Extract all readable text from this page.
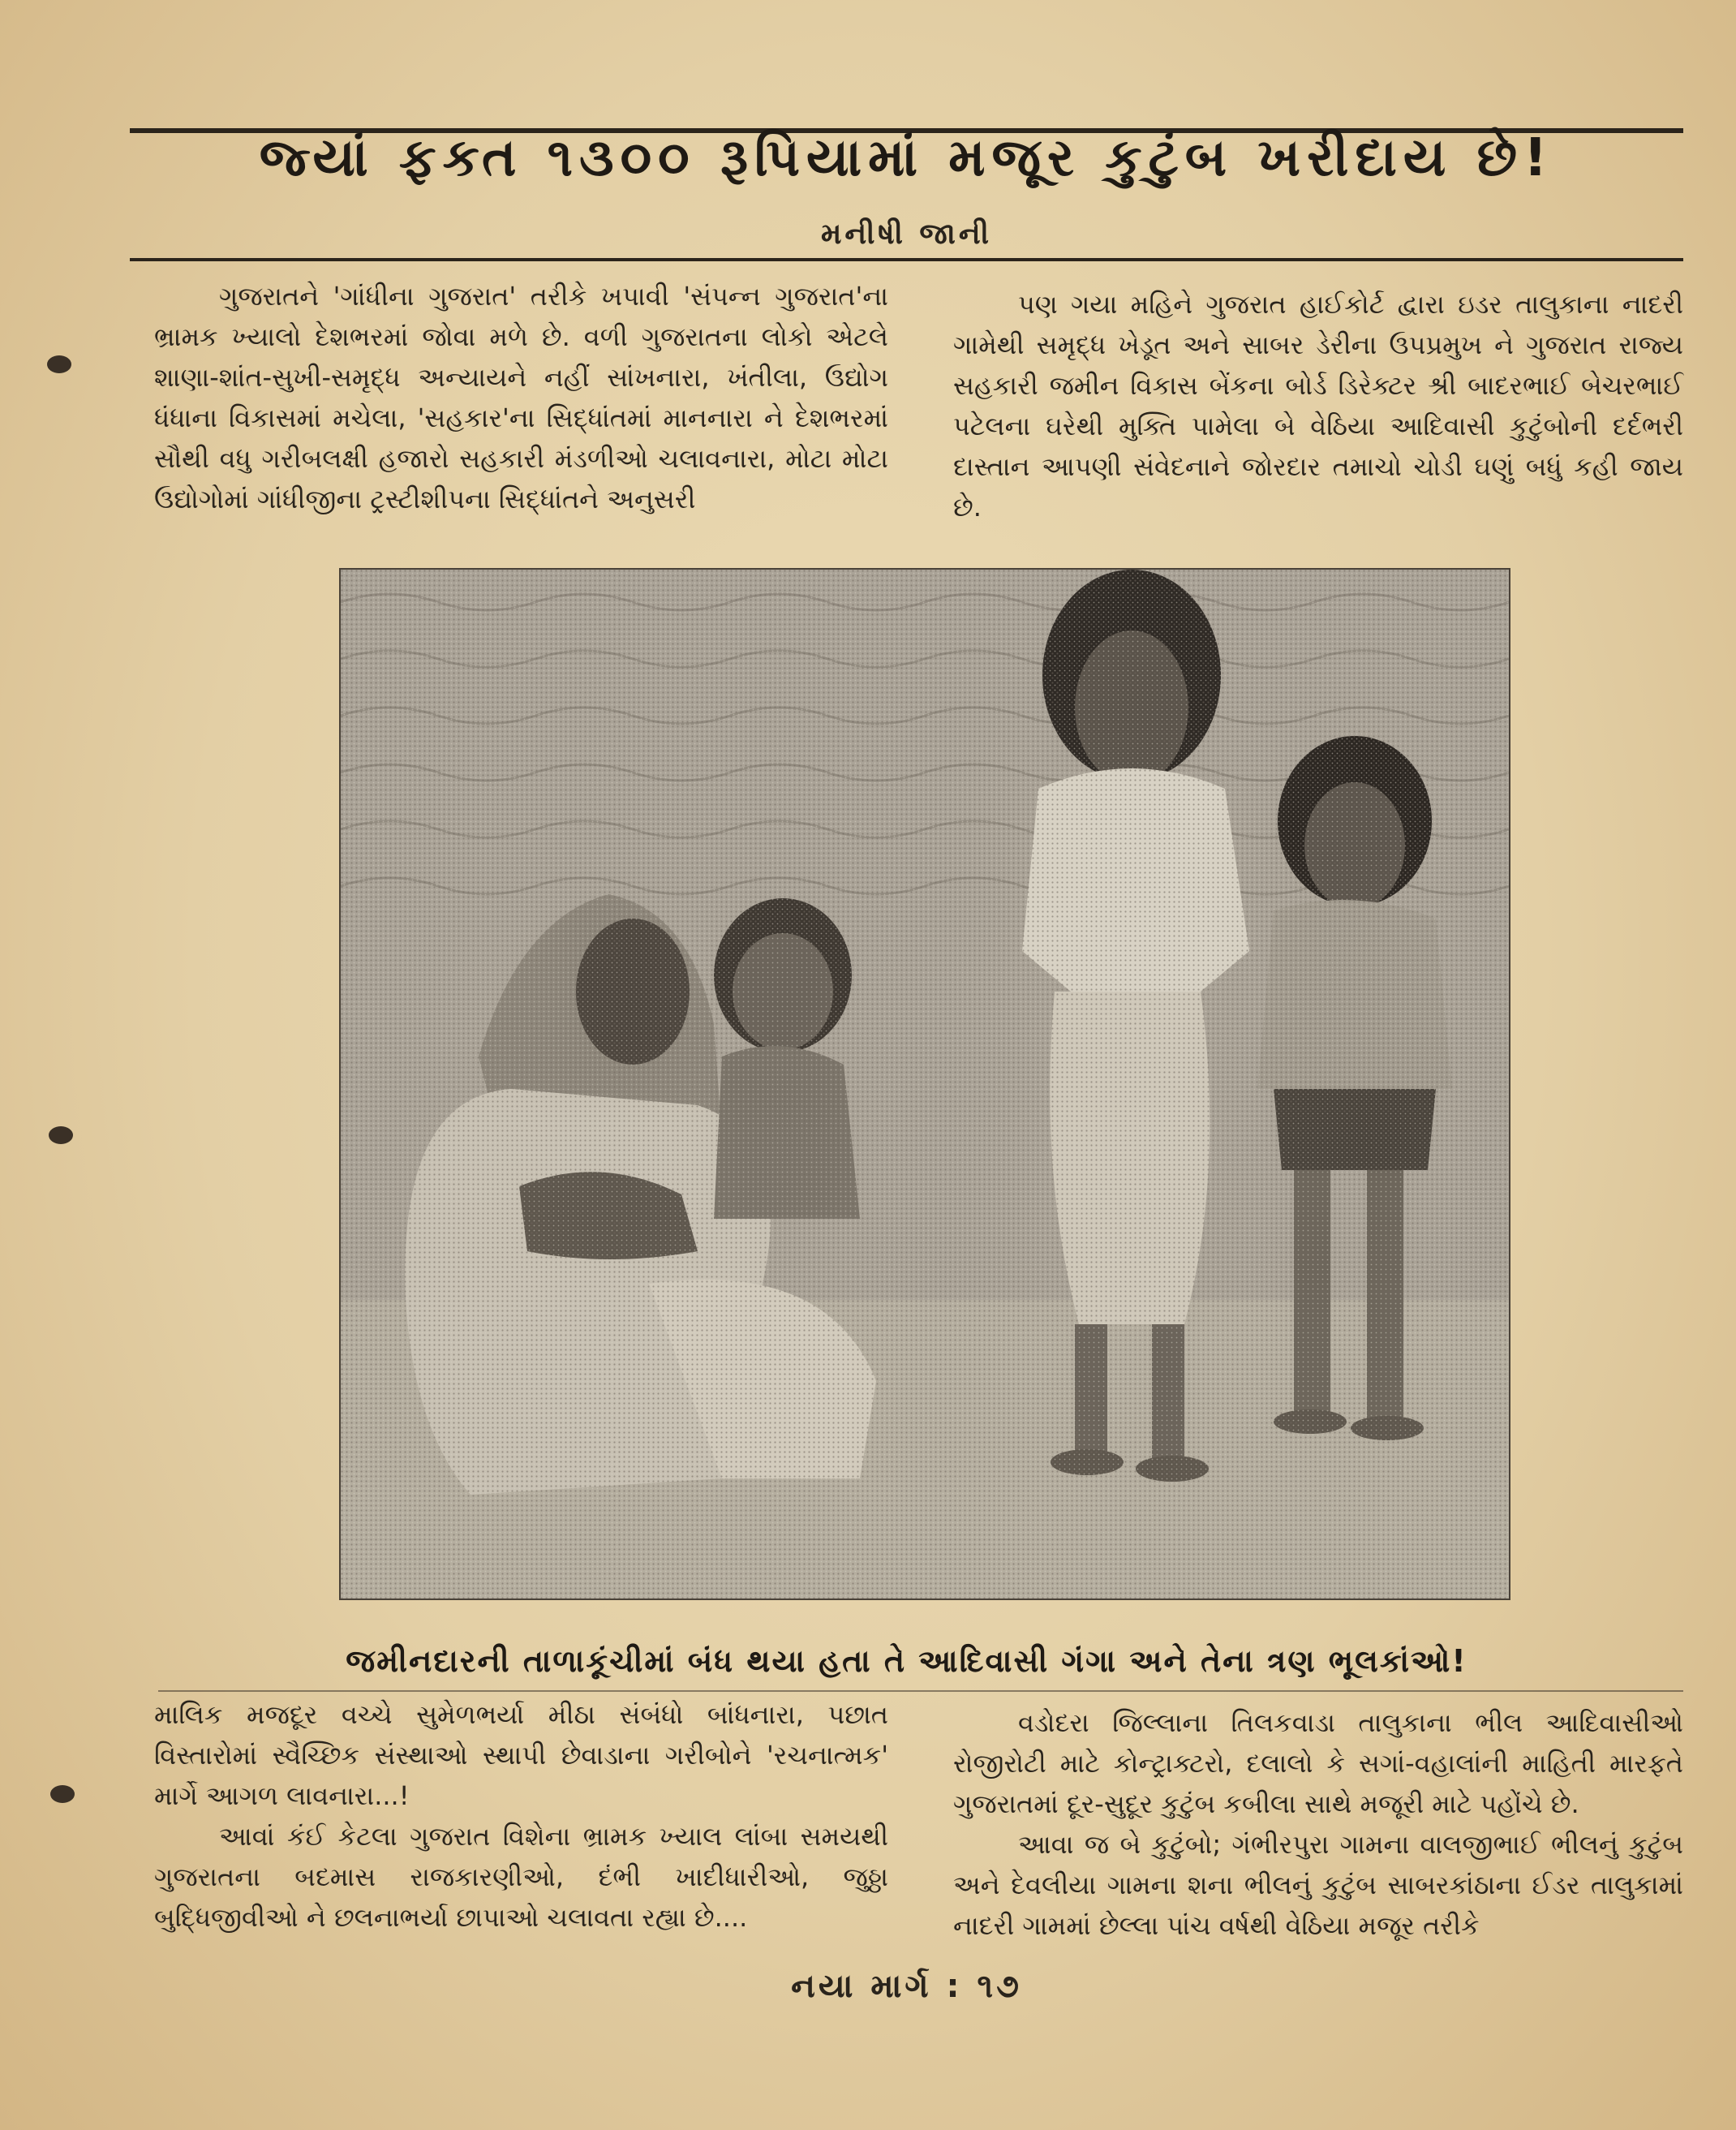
જ્યાં ફક્ત ૧૩૦૦ રૂપિયામાં મજૂર કુટુંબ ખરીદાય છે!
મનીષી જાની

ગુજરાતને 'ગાંધીના ગુજરાત' તરીકે ખપાવી 'સંપન્ન ગુજરાત'ના ભ્રામક ખ્યાલો દેશભરમાં જોવા મળે છે. વળી ગુજરાતના લોકો એટલે શાણા-શાંત-સુખી-સમૃદ્ધ અન્યાયને નહીં સાંખનારા, ખંતીલા, ઉદ્યોગ ધંધાના વિકાસમાં મચેલા, 'સહકાર'ના સિદ્ધાંતમાં માનનારા ને દેશભરમાં સૌથી વધુ ગરીબલક્ષી હજારો સહકારી મંડળીઓ ચલાવનારા, મોટા મોટા ઉદ્યોગોમાં ગાંધીજીના ટ્રસ્ટીશીપના સિદ્ધાંતને અનુસરી

પણ ગયા મહિને ગુજરાત હાઈકોર્ટ દ્વારા ઇડર તાલુકાના નાદરી ગામેથી સમૃદ્ધ ખેડૂત અને સાબર ડેરીના ઉપપ્રમુખ ને ગુજરાત રાજ્ય સહકારી જમીન વિકાસ બેંકના બોર્ડ ડિરેક્ટર શ્રી બાદરભાઈ બેચરભાઈ પટેલના ઘરેથી મુક્તિ પામેલા બે વેઠિયા આદિવાસી કુટુંબોની દર્દભરી દાસ્તાન આપણી સંવેદનાને જોરદાર તમાચો ચોડી ઘણું બધું કહી જાય છે.

જમીનદારની તાળાકૂંચીમાં બંધ થયા હતા તે આદિવાસી ગંગા અને તેના ત્રણ ભૂલકાંઓ!

માલિક મજદૂર વચ્ચે સુમેળભર્યા મીઠા સંબંધો બાંધનારા, પછાત વિસ્તારોમાં સ્વૈચ્છિક સંસ્થાઓ સ્થાપી છેવાડાના ગરીબોને 'રચનાત્મક' માર્ગે આગળ લાવનારા...!

આવાં કંઈ કેટલા ગુજરાત વિશેના ભ્રામક ખ્યાલ લાંબા સમયથી ગુજરાતના બદમાસ રાજકારણીઓ, દંભી ખાદીધારીઓ, જુઠ્ઠા બુદ્ધિજીવીઓ ને છલનાભર્યા છાપાઓ ચલાવતા રહ્યા છે....

વડોદરા જિલ્લાના તિલકવાડા તાલુકાના ભીલ આદિવાસીઓ રોજીરોટી માટે કોન્ટ્રાક્ટરો, દલાલો કે સગાં-વહાલાંની માહિતી મારફતે ગુજરાતમાં દૂર-સુદૂર કુટુંબ કબીલા સાથે મજૂરી માટે પહોંચે છે.

આવા જ બે કુટુંબો; ગંભીરપુરા ગામના વાલજીભાઈ ભીલનું કુટુંબ અને દેવલીયા ગામના શના ભીલનું કુટુંબ સાબરકાંઠાના ઈડર તાલુકામાં નાદરી ગામમાં છેલ્લા પાંચ વર્ષથી વેઠિયા મજૂર તરીકે

નયા માર્ગ : ૧૭
